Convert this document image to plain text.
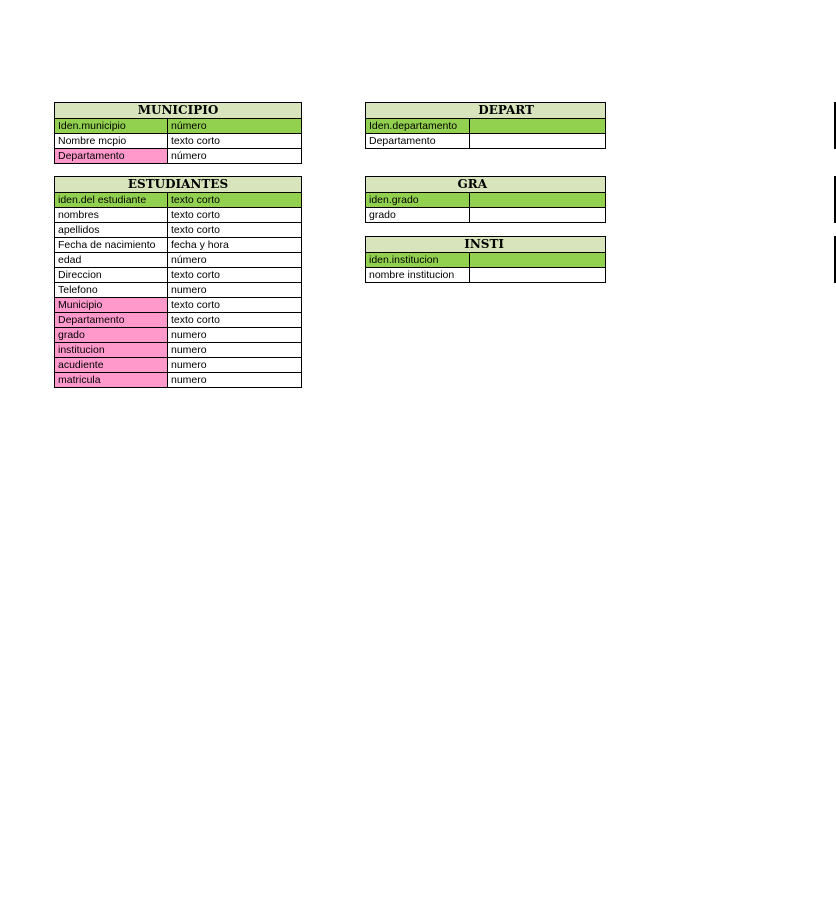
MUNICIPIO	
Iden.municipio	número
Nombre mcpio	texto corto
Departamento	número
ESTUDIANTES	
iden.del estudiante	texto corto
nombres	texto corto
apellidos	texto corto
Fecha de nacimiento	fecha y hora
edad	número
Direccion	texto corto
Telefono	numero
Municipio	texto corto
Departamento	texto corto
grado	numero
institucion	numero
acudiente	numero
matricula	numero
DEPART	
Iden.departamento	
Departamento	
GRA	
iden.grado	
grado	
INSTI	
iden.institucion	
nombre institucion	
